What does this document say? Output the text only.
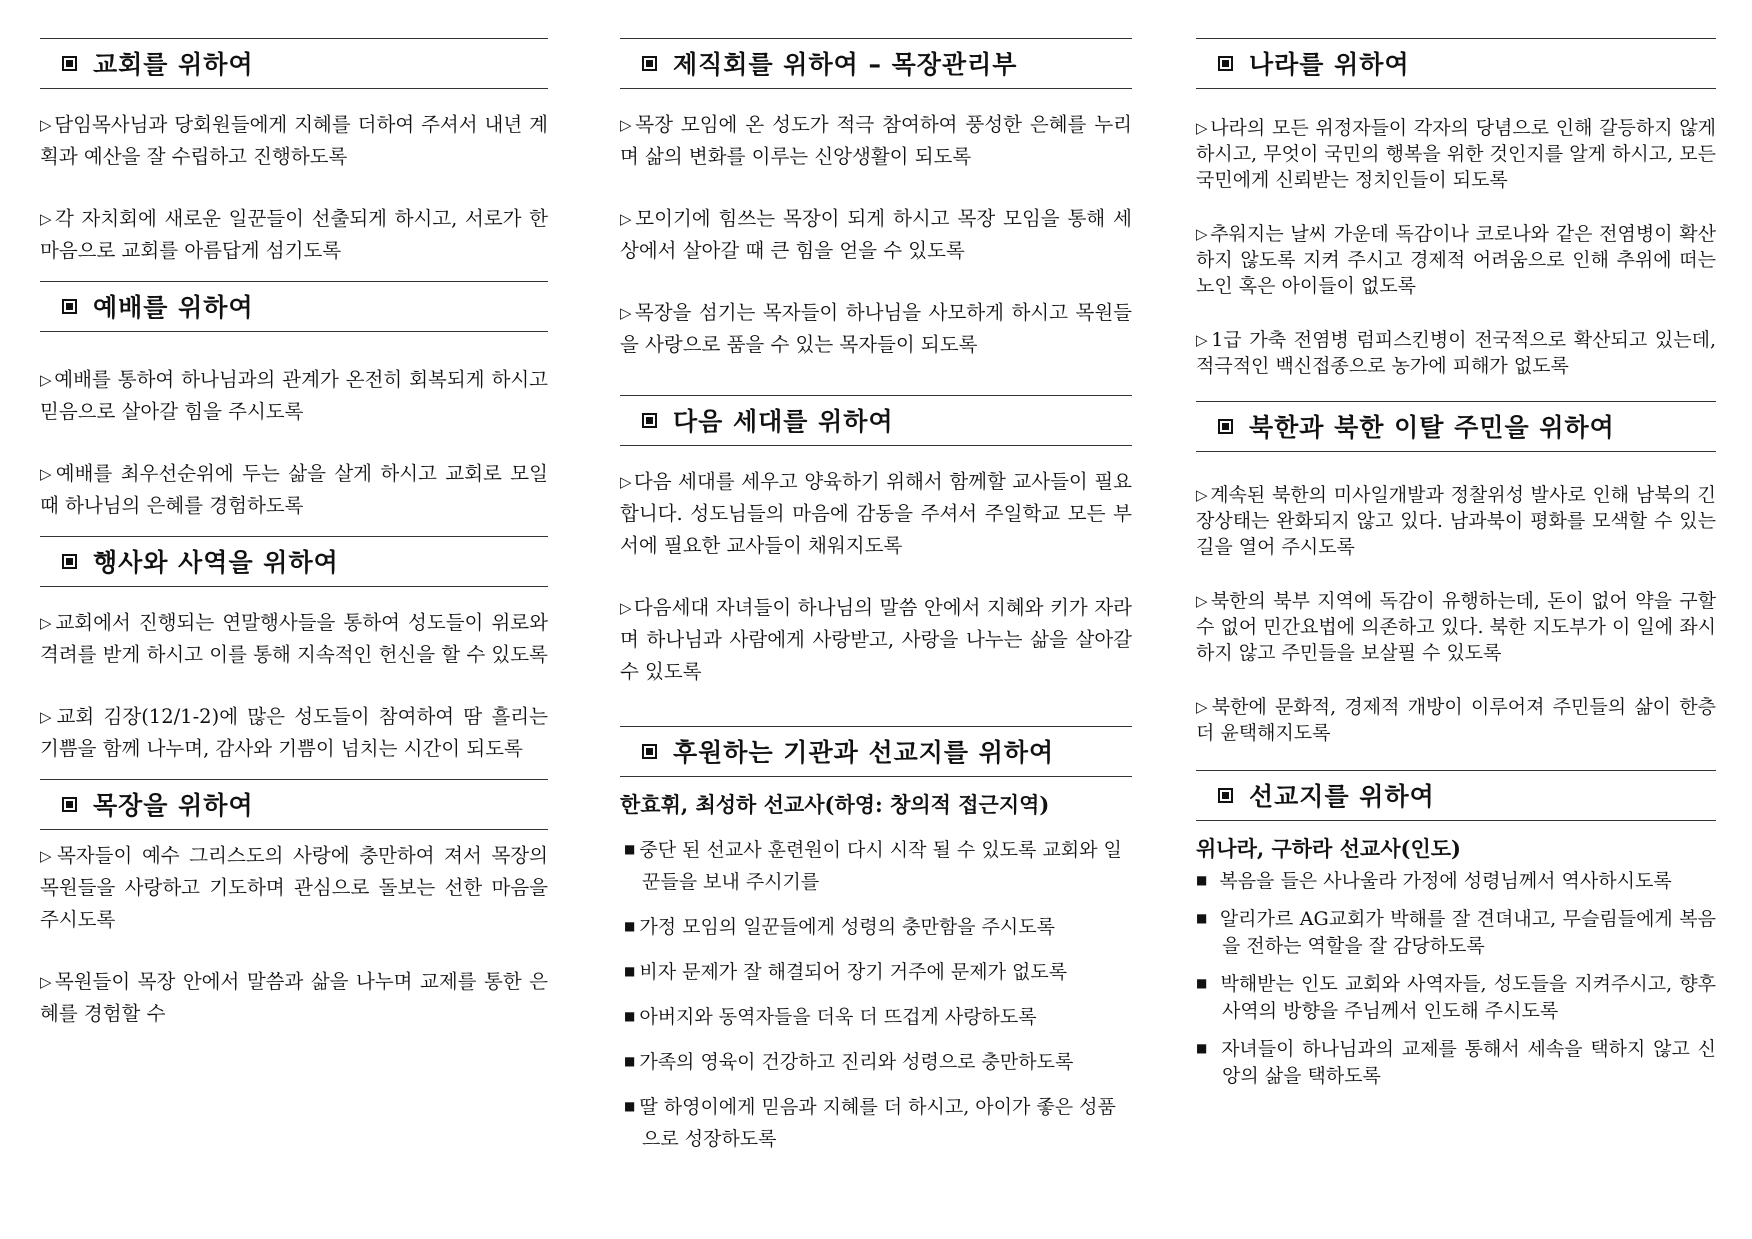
교회를 위하여
▷ 담임목사님과 당회원들에게 지혜를 더하여 주셔서 내년 계획과 예산을 잘 수립하고 진행하도록
▷ 각 자치회에 새로운 일꾼들이 선출되게 하시고, 서로가 한 마음으로 교회를 아름답게 섬기도록
예배를 위하여
▷ 예배를 통하여 하나님과의 관계가 온전히 회복되게 하시고 믿음으로 살아갈 힘을 주시도록
▷ 예배를 최우선순위에 두는 삶을 살게 하시고 교회로 모일 때 하나님의 은혜를 경험하도록
행사와 사역을 위하여
▷ 교회에서 진행되는 연말행사들을 통하여 성도들이 위로와 격려를 받게 하시고 이를 통해 지속적인 헌신을 할 수 있도록
▷ 교회 김장(12/1-2)에 많은 성도들이 참여하여 땀 흘리는 기쁨을 함께 나누며, 감사와 기쁨이 넘치는 시간이 되도록
목장을 위하여
▷ 목자들이 예수 그리스도의 사랑에 충만하여 져서 목장의 목원들을 사랑하고 기도하며 관심으로 돌보는 선한 마음을 주시도록
▷ 목원들이 목장 안에서 말씀과 삶을 나누며 교제를 통한 은혜를 경험할 수
제직회를 위하여 – 목장관리부
▷ 목장 모임에 온 성도가 적극 참여하여 풍성한 은혜를 누리며 삶의 변화를 이루는 신앙생활이 되도록
▷ 모이기에 힘쓰는 목장이 되게 하시고 목장 모임을 통해 세상에서 살아갈 때 큰 힘을 얻을 수 있도록
▷ 목장을 섬기는 목자들이 하나님을 사모하게 하시고 목원들을 사랑으로 품을 수 있는 목자들이 되도록
다음 세대를 위하여
▷ 다음 세대를 세우고 양육하기 위해서 함께할 교사들이 필요합니다. 성도님들의 마음에 감동을 주셔서 주일학교 모든 부서에 필요한 교사들이 채워지도록
▷ 다음세대 자녀들이 하나님의 말씀 안에서 지혜와 키가 자라며 하나님과 사람에게 사랑받고, 사랑을 나누는 삶을 살아갈 수 있도록
후원하는 기관과 선교지를 위하여
한효휘, 최성하 선교사(하영: 창의적 접근지역)
■ 중단 된 선교사 훈련원이 다시 시작 될 수 있도록 교회와 일꾼들을 보내 주시기를
■ 가정 모임의 일꾼들에게 성령의 충만함을 주시도록
■ 비자 문제가 잘 해결되어 장기 거주에 문제가 없도록
■ 아버지와 동역자들을 더욱 더 뜨겁게 사랑하도록
■ 가족의 영육이 건강하고 진리와 성령으로 충만하도록
■ 딸 하영이에게 믿음과 지혜를 더 하시고, 아이가 좋은 성품으로 성장하도록
나라를 위하여
▷ 나라의 모든 위정자들이 각자의 당념으로 인해 갈등하지 않게 하시고, 무엇이 국민의 행복을 위한 것인지를 알게 하시고, 모든 국민에게 신뢰받는 정치인들이 되도록
▷ 추워지는 날씨 가운데 독감이나 코로나와 같은 전염병이 확산하지 않도록 지켜 주시고 경제적 어려움으로 인해 추위에 떠는 노인 혹은 아이들이 없도록
▷ 1급 가축 전염병 럼피스킨병이 전국적으로 확산되고 있는데, 적극적인 백신접종으로 농가에 피해가 없도록
북한과 북한 이탈 주민을 위하여
▷ 계속된 북한의 미사일개발과 정찰위성 발사로 인해 남북의 긴장상태는 완화되지 않고 있다. 남과북이 평화를 모색할 수 있는 길을 열어 주시도록
▷ 북한의 북부 지역에 독감이 유행하는데, 돈이 없어 약을 구할 수 없어 민간요법에 의존하고 있다. 북한 지도부가 이 일에 좌시하지 않고 주민들을 보살필 수 있도록
▷ 북한에 문화적, 경제적 개방이 이루어져 주민들의 삶이 한층 더 윤택해지도록
선교지를 위하여
위나라, 구하라 선교사(인도)
■ 복음을 들은 사나울라 가정에 성령님께서 역사하시도록
■ 알리가르 AG교회가 박해를 잘 견뎌내고, 무슬림들에게 복음을 전하는 역할을 잘 감당하도록
■ 박해받는 인도 교회와 사역자들, 성도들을 지켜주시고, 향후 사역의 방향을 주님께서 인도해 주시도록
■ 자녀들이 하나님과의 교제를 통해서 세속을 택하지 않고 신앙의 삶을 택하도록
